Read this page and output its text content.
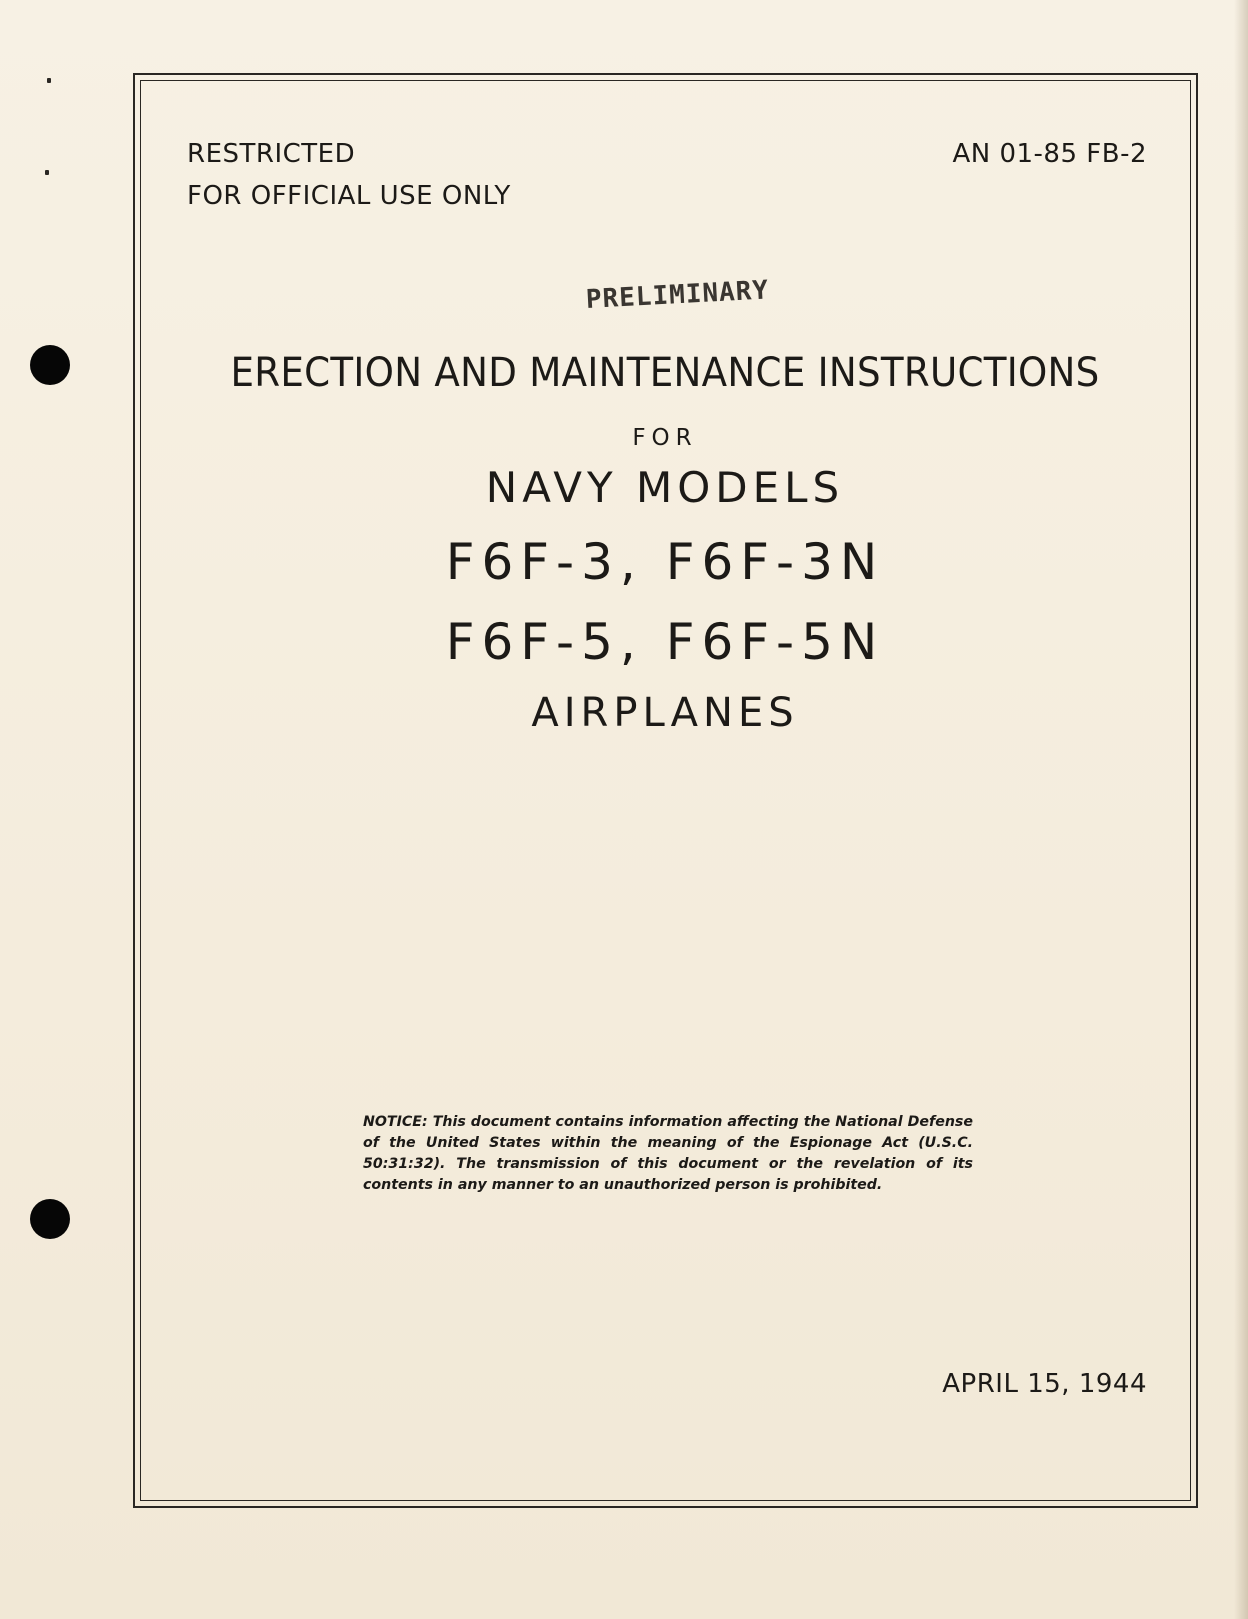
RESTRICTED

FOR OFFICIAL USE ONLY

AN 01-85 FB-2

PRELIMINARY

ERECTION AND MAINTENANCE INSTRUCTIONS

FOR

NAVY MODELS

F6F-3, F6F-3N

F6F-5, F6F-5N

AIRPLANES

NOTICE: This document contains information affecting the National Defense of the United States within the meaning of the Espionage Act (U.S.C. 50:31:32). The transmission of this document or the revelation of its contents in any manner to an unauthorized person is prohibited.

APRIL 15, 1944
